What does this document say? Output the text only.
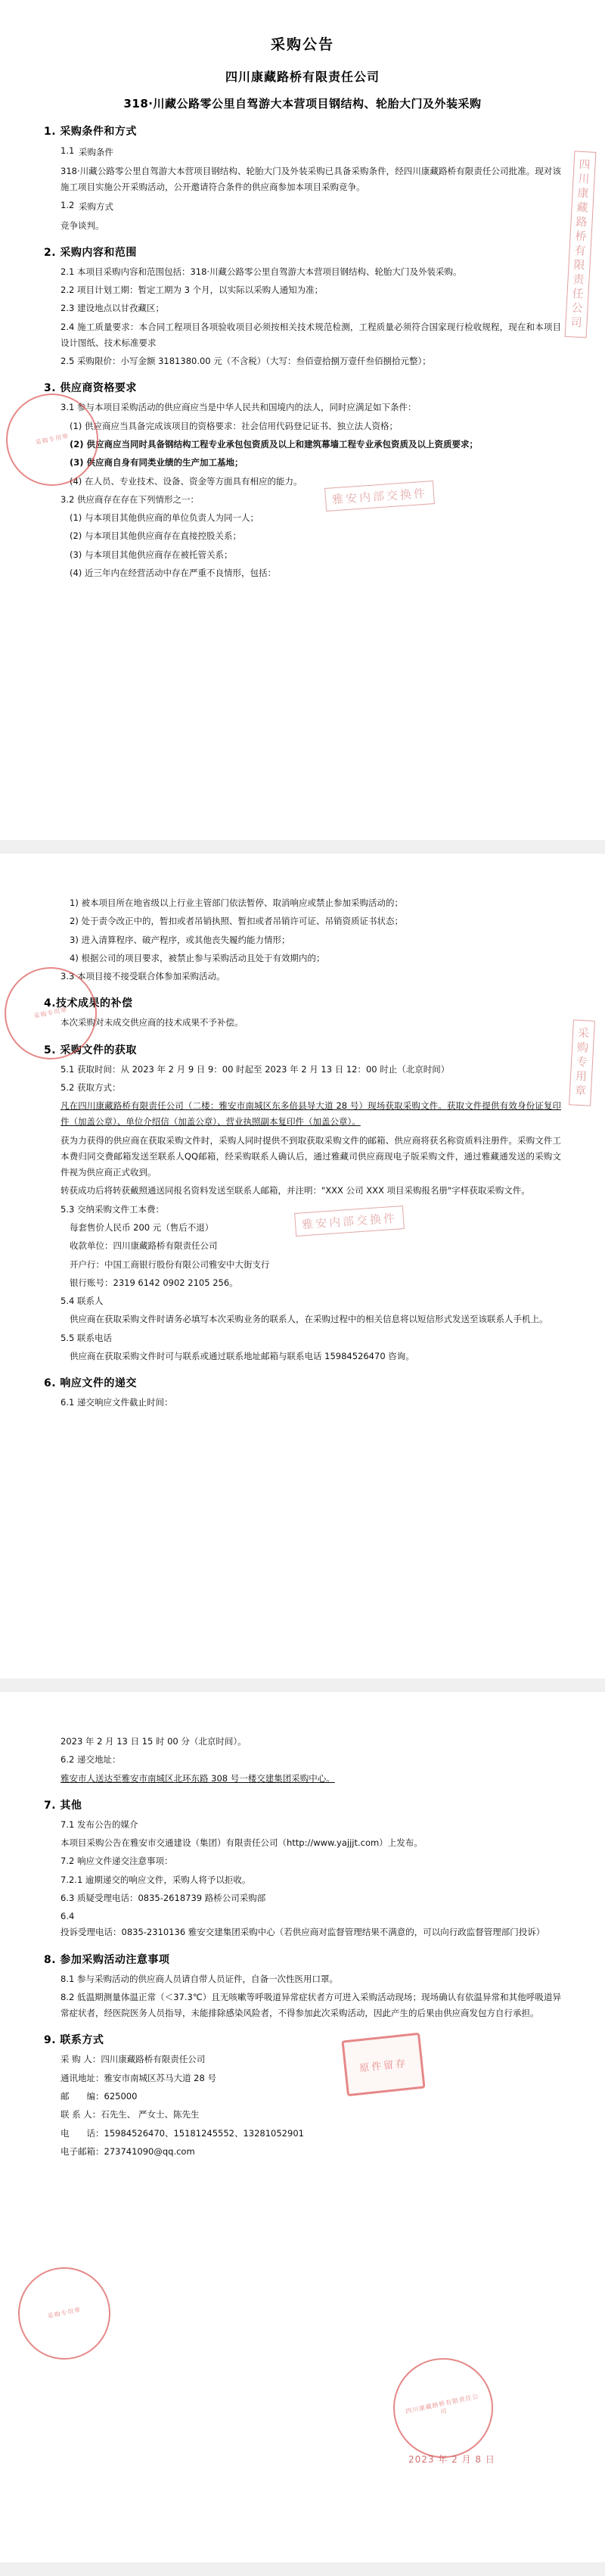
采购公告
四川康藏路桥有限责任公司
318·川藏公路零公里自驾游大本营项目钢结构、轮胎大门及外装采购
1. 采购条件和方式

1.1 采购条件

318·川藏公路零公里自驾游大本营项目钢结构、轮胎大门及外装采购已具备采购条件，经四川康藏路桥有限责任公司批准。现对该施工项目实施公开采购活动，公开邀请符合条件的供应商参加本项目采购竞争。

1.2 采购方式

竞争谈判。

2. 采购内容和范围

2.1 本项目采购内容和范围包括：318·川藏公路零公里自驾游大本营项目钢结构、轮胎大门及外装采购。

2.2 项目计划工期：暂定工期为 3 个月，以实际以采购人通知为准；

2.3 建设地点以甘孜藏区；

2.4 施工质量要求：本合同工程项目各项验收项目必须按相关技术规范检测，工程质量必须符合国家现行检收规程，现在和本项目设计图纸、技术标准要求

2.5 采购限价：小写金额 3181380.00 元（不含税）（大写：叁佰壹拾捌万壹仟叁佰捌拾元整）；

3. 供应商资格要求

3.1 参与本项目采购活动的供应商应当是中华人民共和国境内的法人，同时应满足如下条件：

(1) 供应商应当具备完成该项目的资格要求：社会信用代码登记证书、独立法人资格；

(2) 供应商应当同时具备钢结构工程专业承包包资质及以上和建筑幕墙工程专业承包资质及以上资质要求；

(3) 供应商自身有同类业绩的生产加工基地；

(4) 在人员、专业技术、设备、资金等方面具有相应的能力。

3.2 供应商存在存在下列情形之一：

(1) 与本项目其他供应商的单位负责人为同一人；

(2) 与本项目其他供应商存在直接控股关系；

(3) 与本项目其他供应商存在被托管关系；

(4) 近三年内在经营活动中存在严重不良情形，包括：

四川康藏路桥有限责任公司
采购专用章
雅安内部交换件

1) 被本项目所在地省级以上行业主管部门依法暂停、取消响应或禁止参加采购活动的；

2) 处于责令改正中的，暂扣或者吊销执照、暂扣或者吊销许可证、吊销资质证书状态；

3) 进入清算程序、破产程序，或其他丧失履约能力情形；

4) 根据公司的项目要求，被禁止参与采购活动且处于有效期内的；

3.3 本项目接不接受联合体参加采购活动。

4.技术成果的补偿

本次采购对未成交供应商的技术成果不予补偿。

5. 采购文件的获取

5.1 获取时间：从 2023 年 2 月 9 日 9：00 时起至 2023 年 2 月 13 日 12：00 时止（北京时间）

5.2 获取方式：

凡在四川康藏路桥有限责任公司（二楼：雅安市南城区东多倍县导大道 28 号）现场获取采购文件。获取文件提供有效身份证复印件（加盖公章）、单位介绍信（加盖公章）、营业执照副本复印件（加盖公章）。

获为力获得的供应商在获取采购文件时，采购人同时提供不到取获取采购文件的邮箱、供应商将获名称资质料注册件。采购文件工本费归同交费邮箱发送至联系人QQ邮箱，经采购联系人确认后，通过雅藏司供应商现电子版采购文件，通过雅藏通发送的采购文件视为供应商正式收到。

转获成功后将转获戴照通送同报名资料发送至联系人邮箱，并注明："XXX 公司 XXX 项目采购报名册"字样获取采购文件。

5.3 交纳采购文件工本费：

每套售价人民币 200 元（售后不退）

收款单位：四川康藏路桥有限责任公司

开户行：中国工商银行股份有限公司雅安中大街支行

银行账号：2319 6142 0902 2105 256。

5.4 联系人

供应商在获取采购文件时请务必填写本次采购业务的联系人，在采购过程中的相关信息将以短信形式发送至该联系人手机上。

5.5 联系电话

供应商在获取采购文件时可与联系或通过联系地址邮箱与联系电话 15984526470 咨询。

6. 响应文件的递交

6.1 递交响应文件截止时间：

采购专用章
雅安内部交换件
采购专用章

2023 年 2 月 13 日 15 时 00 分（北京时间）。

6.2 递交地址：

雅安市人送达至雅安市南城区北环东路 308 号一楼交建集团采购中心。

7. 其他

7.1 发布公告的媒介

本项目采购公告在雅安市交通建设（集团）有限责任公司（http://www.yajjjt.com）上发布。

7.2 响应文件递交注意事项：

7.2.1 逾期递交的响应文件，采购人将予以拒收。

6.3 质疑受理电话：0835-2618739 路桥公司采购部

6.4 投诉受理电话：0835-2310136 雅安交建集团采购中心（若供应商对监督管理结果不满意的，可以向行政监督管理部门投诉）

8. 参加采购活动注意事项

8.1 参与采购活动的供应商人员请自带人员证件，自备一次性医用口罩。

8.2 低温期测量体温正常（＜37.3℃）且无咳嗽等呼吸道异常症状者方可进入采购活动现场；现场确认有依温异常和其他呼吸道异常症状者，经医院医务人员指导，未能排除感染风险者，不得参加此次采购活动，因此产生的后果由供应商发包方自行承担。

9. 联系方式

采 购 人：四川康藏路桥有限责任公司

通讯地址：雅安市南城区苏马大道 28 号

邮　　编：625000

联 系 人：石先生、 严女士、陈先生

电　　话：15984526470、15181245552、13281052901

电子邮箱：273741090@qq.com

原件留存
采购专用章
四川康藏路桥有限责任公司
2023 年 2 月 8 日
